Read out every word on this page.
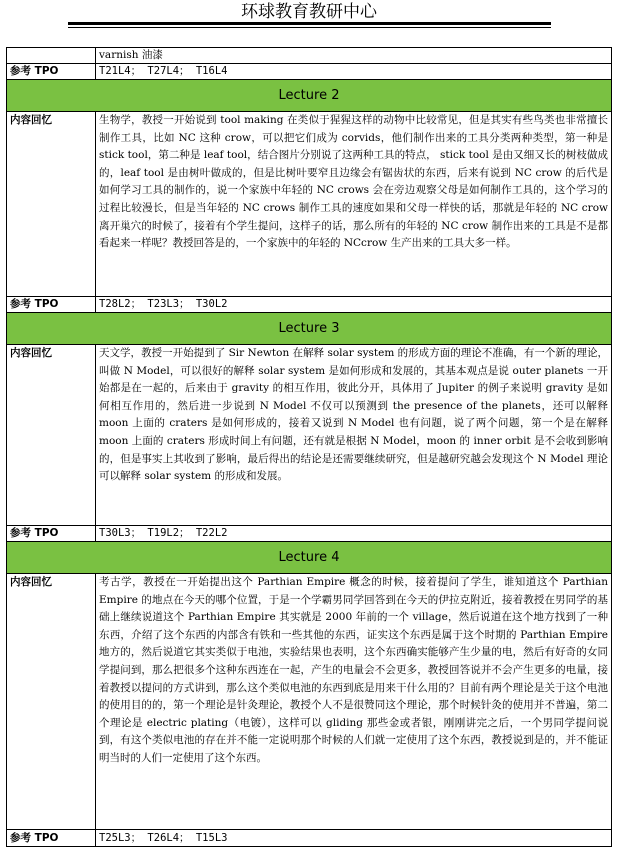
环球教育教研中心
	varnish 油漆
参考 TPO	T21L4； T27L4； T16L4
Lecture 2	
内容回忆	生物学，教授一开始说到 tool making 在类似于猩猩这样的动物中比较常见，但是其实有些鸟类也非常擅长制作工具，比如 NC 这种 crow，可以把它们成为 corvids，他们制作出来的工具分类两种类型，第一种是 stick tool，第二种是 leaf tool，结合图片分别说了这两种工具的特点， stick tool 是由又细又长的树枝做成的，leaf tool 是由树叶做成的，但是比树叶要窄且边缘会有锯齿状的东西，后来有说到 NC crow 的后代是如何学习工具的制作的，说一个家族中年轻的 NC crows 会在旁边观察父母是如何制作工具的，这个学习的过程比较漫长，但是当年轻的 NC crows 制作工具的速度如果和父母一样快的话，那就是年轻的 NC crow 离开巢穴的时候了，接着有个学生提问，这样子的话，那么所有的年轻的 NC crow 制作出来的工具是不是都看起来一样呢？教授回答是的，一个家族中的年轻的 NCcrow 生产出来的工具大多一样。
参考 TPO	T28L2； T23L3； T30L2
Lecture 3	
内容回忆	天文学，教授一开始提到了 Sir Newton 在解释 solar system 的形成方面的理论不准确，有一个新的理论，叫做 N Model，可以很好的解释 solar system 是如何形成和发展的，其基本观点是说 outer planets 一开始都是在一起的，后来由于 gravity 的相互作用，彼此分开，具体用了 Jupiter 的例子来说明 gravity 是如何相互作用的，然后进一步说到 N Model 不仅可以预测到 the presence of the planets，还可以解释 moon 上面的 craters 是如何形成的，接着又说到 N Model 也有问题，说了两个问题，第一个是在解释 moon 上面的 craters 形成时间上有问题，还有就是根据 N Model，moon 的 inner orbit 是不会收到影响的，但是事实上其收到了影响，最后得出的结论是还需要继续研究，但是越研究越会发现这个 N Model 理论可以解释 solar system 的形成和发展。
参考 TPO	T30L3； T19L2； T22L2
Lecture 4	
内容回忆	考古学，教授在一开始提出这个 Parthian Empire 概念的时候，接着提问了学生，谁知道这个 Parthian Empire 的地点在今天的哪个位置，于是一个学霸男同学回答到在今天的伊拉克附近，接着教授在男同学的基础上继续说道这个 Parthian Empire 其实就是 2000 年前的一个 village，然后说道在这个地方找到了一种东西，介绍了这个东西的内部含有铁和一些其他的东西，证实这个东西是属于这个时期的 Parthian Empire 地方的，然后说道它其实类似于电池，实验结果也表明，这个东西确实能够产生少量的电，然后有好奇的女同学提问到，那么把很多个这种东西连在一起，产生的电量会不会更多，教授回答说并不会产生更多的电量，接着教授以提问的方式讲到，那么这个类似电池的东西到底是用来干什么用的？目前有两个理论是关于这个电池的使用目的的，第一个理论是针灸理论，教授个人不是很赞同这个理论，那个时候针灸的使用并不普遍，第二个理论是 electric plating（电镀），这样可以 gliding 那些金或者银，刚刚讲完之后，一个男同学提问说到，有这个类似电池的存在并不能一定说明那个时候的人们就一定使用了这个东西，教授说到是的，并不能证明当时的人们一定使用了这个东西。
参考 TPO	T25L3； T26L4； T15L3
